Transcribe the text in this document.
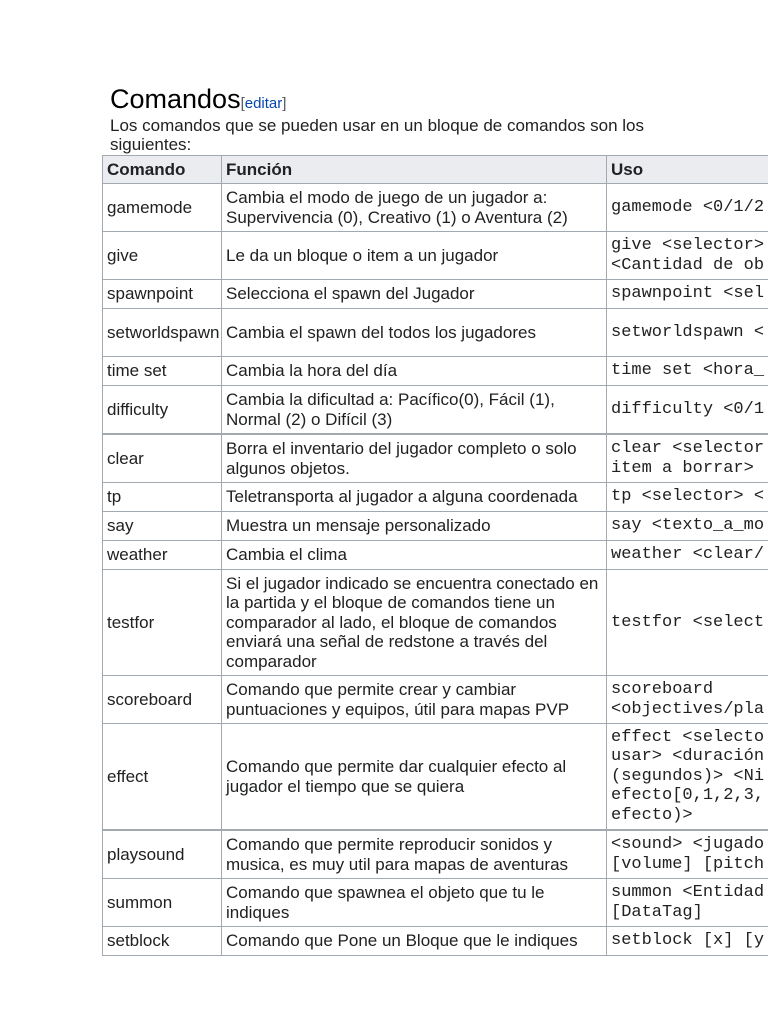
Comandos[editar]
Los comandos que se pueden usar en un bloque de comandos son los siguientes:
Comando	Función	Uso
gamemode	Cambia el modo de juego de un jugador a: Supervivencia (0), Creativo (1) o Aventura (2)	gamemode <0/1/2
give	Le da un bloque o item a un jugador	give <selector>
<Cantidad de ob
spawnpoint	Selecciona el spawn del Jugador	spawnpoint <sel
setworldspawn	Cambia el spawn del todos los jugadores	setworldspawn <
time set	Cambia la hora del día	time set <hora_
difficulty	Cambia la dificultad a: Pacífico(0), Fácil (1), Normal (2) o Difícil (3)	difficulty <0/1
clear	Borra el inventario del jugador completo o solo algunos objetos.	clear <selector
item a borrar>
tp	Teletransporta al jugador a alguna coordenada	tp <selector> <
say	Muestra un mensaje personalizado	say <texto_a_mo
weather	Cambia el clima	weather <clear/
testfor	Si el jugador indicado se encuentra conectado en la partida y el bloque de comandos tiene un comparador al lado, el bloque de comandos enviará una señal de redstone a través del comparador	testfor <select
scoreboard	Comando que permite crear y cambiar puntuaciones y equipos, útil para mapas PVP	scoreboard
<objectives/pla
effect	Comando que permite dar cualquier efecto al jugador el tiempo que se quiera	effect <selecto
usar> <duración
(segundos)> <Ni
efecto[0,1,2,3,
efecto)>
playsound	Comando que permite reproducir sonidos y musica, es muy util para mapas de aventuras	<sound> <jugado
[volume] [pitch
summon	Comando que spawnea el objeto que tu le indiques	summon <Entidad
[DataTag]
setblock	Comando que Pone un Bloque que le indiques	setblock [x] [y
